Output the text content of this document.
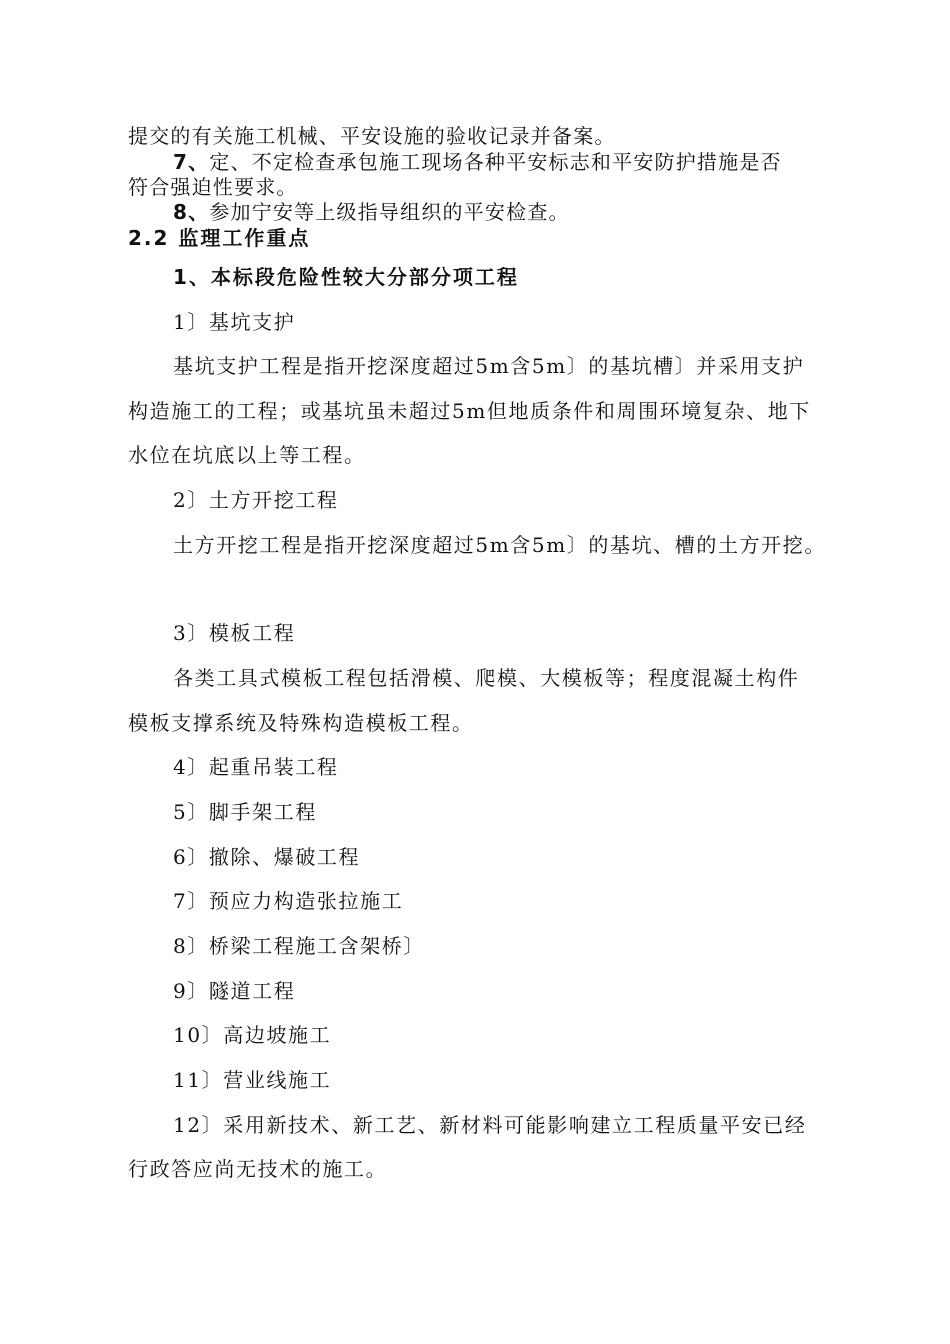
提交的有关施工机械、平安设施的验收记录并备案。
7、定、不定检查承包施工现场各种平安标志和平安防护措施是否
符合强迫性要求。
8、参加宁安等上级指导组织的平安检查。
2.2 监理工作重点
1、本标段危险性较大分部分项工程
1〕基坑支护
基坑支护工程是指开挖深度超过5m含5m〕的基坑槽〕并采用支护
构造施工的工程；或基坑虽未超过5m但地质条件和周围环境复杂、地下
水位在坑底以上等工程。
2〕土方开挖工程
土方开挖工程是指开挖深度超过5m含5m〕的基坑、槽的土方开挖。
3〕模板工程
各类工具式模板工程包括滑模、爬模、大模板等；程度混凝土构件
模板支撑系统及特殊构造模板工程。
4〕起重吊装工程
5〕脚手架工程
6〕撤除、爆破工程
7〕预应力构造张拉施工
8〕桥梁工程施工含架桥〕
9〕隧道工程
10〕高边坡施工
11〕营业线施工
12〕采用新技术、新工艺、新材料可能影响建立工程质量平安已经
行政答应尚无技术的施工。
